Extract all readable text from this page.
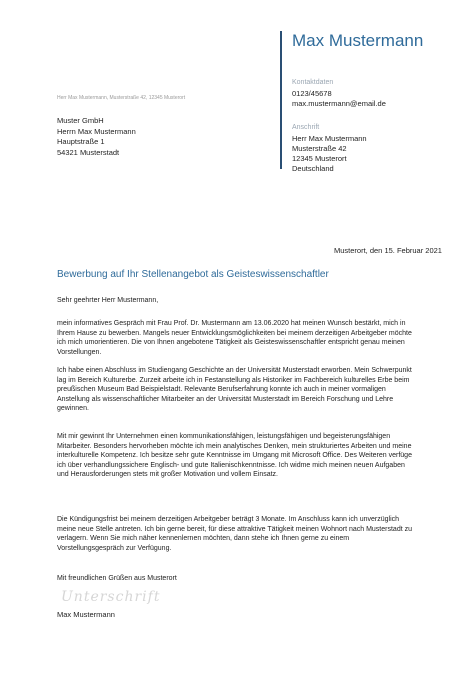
Max Mustermann
Kontaktdaten
0123/45678
max.mustermann@email.de
Anschrift
Herr Max Mustermann
Musterstraße 42
12345 Musterort
Deutschland
Herr Max Mustermann, Musterstraße 42, 12345 Musterort
Muster GmbH
Herrn Max Mustermann
Hauptstraße 1
54321 Musterstadt
Musterort, den 15. Februar 2021
Bewerbung auf Ihr Stellenangebot als Geisteswissenschaftler
Sehr geehrter Herr Mustermann,
mein informatives Gespräch mit Frau Prof. Dr. Mustermann am 13.06.2020 hat meinen Wunsch bestärkt, mich in Ihrem Hause zu bewerben. Mangels neuer Entwicklungsmöglichkeiten bei meinem derzeitigen Arbeitgeber möchte ich mich umorientieren. Die von Ihnen angebotene Tätigkeit als Geisteswissenschaftler entspricht genau meinen Vorstellungen.
Ich habe einen Abschluss im Studiengang Geschichte an der Universität Musterstadt erworben. Mein Schwerpunkt lag im Bereich Kulturerbe. Zurzeit arbeite ich in Festanstellung als Historiker im Fachbereich kulturelles Erbe beim preußischen Museum Bad Beispielstadt. Relevante Berufserfahrung konnte ich auch in meiner vormaligen Anstellung als wissenschaftlicher Mitarbeiter an der Universität Musterstadt im Bereich Forschung und Lehre gewinnen.
Mit mir gewinnt Ihr Unternehmen einen kommunikationsfähigen, leistungsfähigen und begeisterungsfähigen Mitarbeiter. Besonders hervorheben möchte ich mein analytisches Denken, mein strukturiertes Arbeiten und meine interkulturelle Kompetenz. Ich besitze sehr gute Kenntnisse im Umgang mit Microsoft Office. Des Weiteren verfüge ich über verhandlungssichere Englisch- und gute Italienischkenntnisse. Ich widme mich meinen neuen Aufgaben und Herausforderungen stets mit großer Motivation und vollem Einsatz.
Die Kündigungsfrist bei meinem derzeitigen Arbeitgeber beträgt 3 Monate. Im Anschluss kann ich unverzüglich meine neue Stelle antreten. Ich bin gerne bereit, für diese attraktive Tätigkeit meinen Wohnort nach Musterstadt zu verlagern. Wenn Sie mich näher kennenlernen möchten, dann stehe ich Ihnen gerne zu einem Vorstellungsgespräch zur Verfügung.
Mit freundlichen Grüßen aus Musterort
Unterschrift
Max Mustermann
